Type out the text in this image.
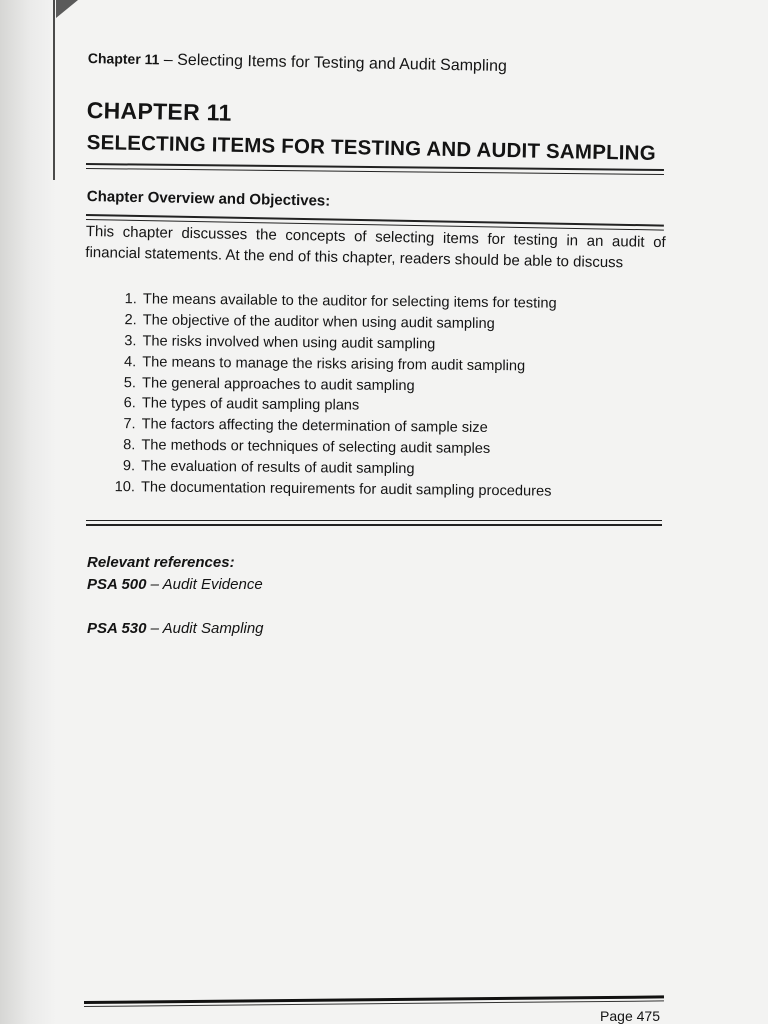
Chapter 11 – Selecting Items for Testing and Audit Sampling
CHAPTER 11
SELECTING ITEMS FOR TESTING AND AUDIT SAMPLING
Chapter Overview and Objectives:
This chapter discusses the concepts of selecting items for testing in an audit of financial statements. At the end of this chapter, readers should be able to discuss
1. The means available to the auditor for selecting items for testing
2. The objective of the auditor when using audit sampling
3. The risks involved when using audit sampling
4. The means to manage the risks arising from audit sampling
5. The general approaches to audit sampling
6. The types of audit sampling plans
7. The factors affecting the determination of sample size
8. The methods or techniques of selecting audit samples
9. The evaluation of results of audit sampling
10. The documentation requirements for audit sampling procedures
Relevant references:
PSA 500 – Audit Evidence
PSA 530 – Audit Sampling
Page 475
